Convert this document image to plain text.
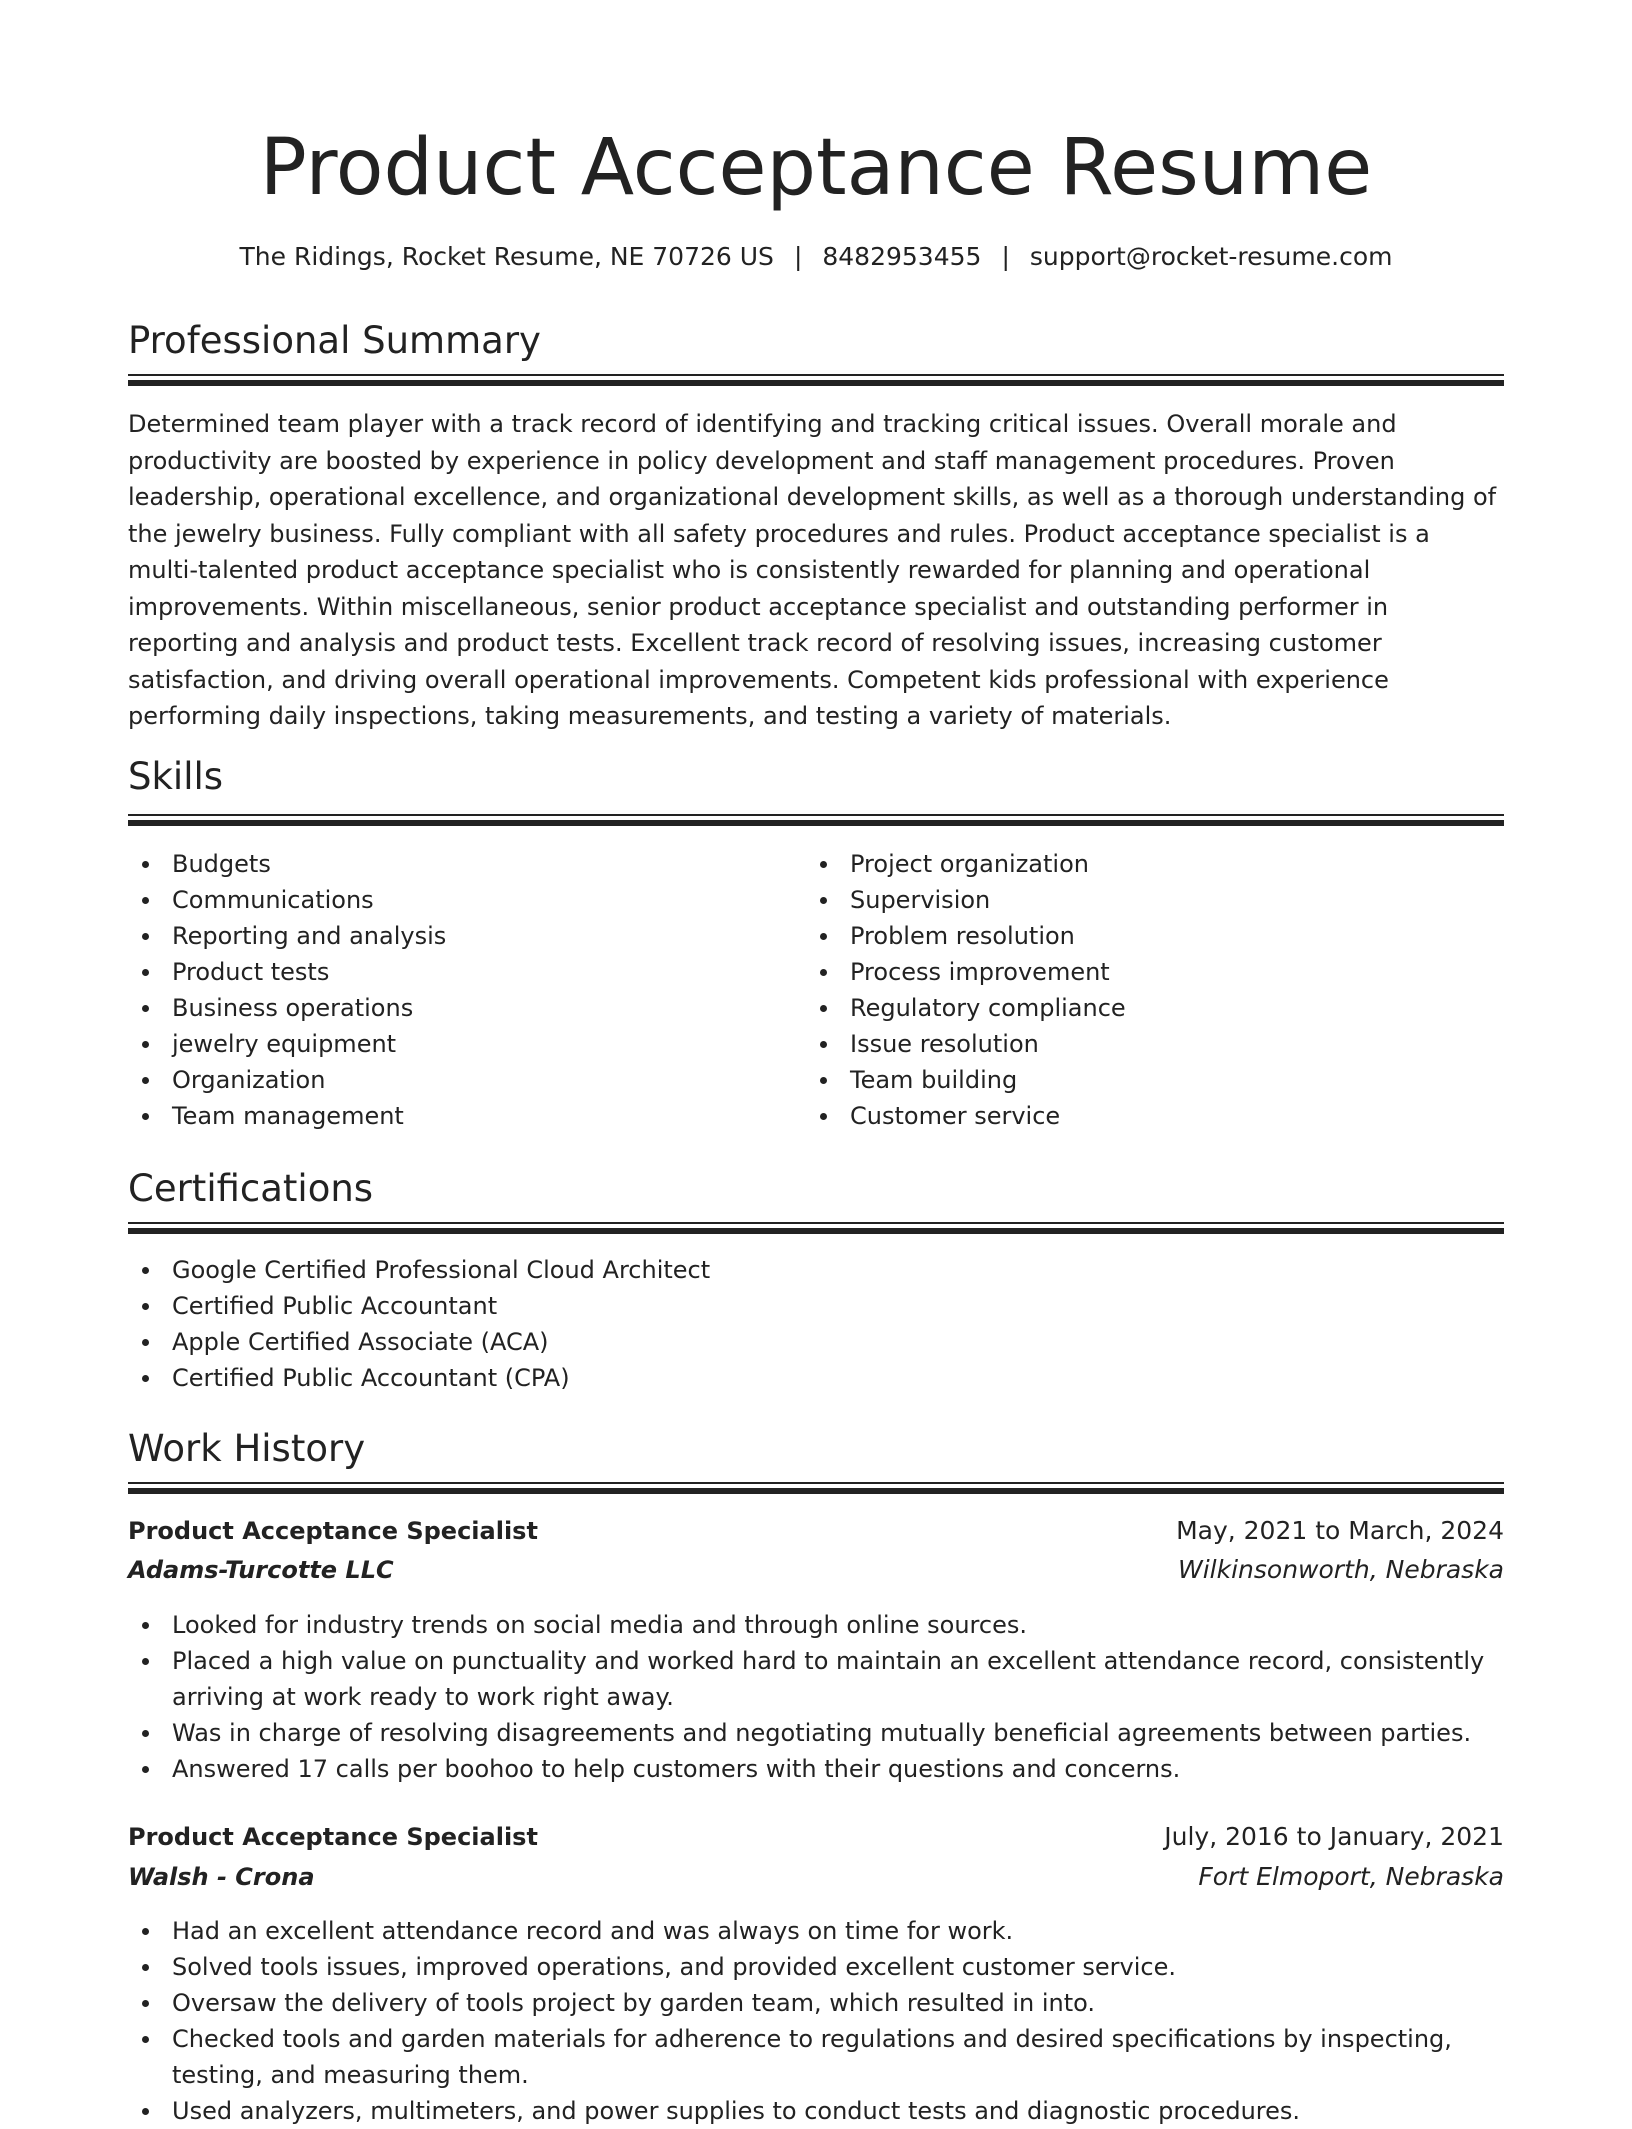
Product Acceptance Resume
The Ridings, Rocket Resume, NE 70726 US | 8482953455 | support@rocket-resume.com
Professional Summary

Determined team player with a track record of identifying and tracking critical issues. Overall morale and productivity are boosted by experience in policy development and staff management procedures. Proven leadership, operational excellence, and organizational development skills, as well as a thorough understanding of the jewelry business. Fully compliant with all safety procedures and rules. Product acceptance specialist is a multi-talented product acceptance specialist who is consistently rewarded for planning and operational improvements. Within miscellaneous, senior product acceptance specialist and outstanding performer in reporting and analysis and product tests. Excellent track record of resolving issues, increasing customer satisfaction, and driving overall operational improvements. Competent kids professional with experience performing daily inspections, taking measurements, and testing a variety of materials.

Skills
Budgets
Communications
Reporting and analysis
Product tests
Business operations
jewelry equipment
Organization
Team management
Project organization
Supervision
Problem resolution
Process improvement
Regulatory compliance
Issue resolution
Team building
Customer service
Certifications
Google Certified Professional Cloud Architect
Certified Public Accountant
Apple Certified Associate (ACA)
Certified Public Accountant (CPA)
Work History
Product Acceptance Specialist	May, 2021 to March, 2024
Adams-Turcotte LLC	Wilkinsonworth, Nebraska
Looked for industry trends on social media and through online sources.
Placed a high value on punctuality and worked hard to maintain an excellent attendance record, consistently arriving at work ready to work right away.
Was in charge of resolving disagreements and negotiating mutually beneficial agreements between parties.
Answered 17 calls per boohoo to help customers with their questions and concerns.
Product Acceptance Specialist	July, 2016 to January, 2021
Walsh - Crona	Fort Elmoport, Nebraska
Had an excellent attendance record and was always on time for work.
Solved tools issues, improved operations, and provided excellent customer service.
Oversaw the delivery of tools project by garden team, which resulted in into.
Checked tools and garden materials for adherence to regulations and desired specifications by inspecting, testing, and measuring them.
Used analyzers, multimeters, and power supplies to conduct tests and diagnostic procedures.
